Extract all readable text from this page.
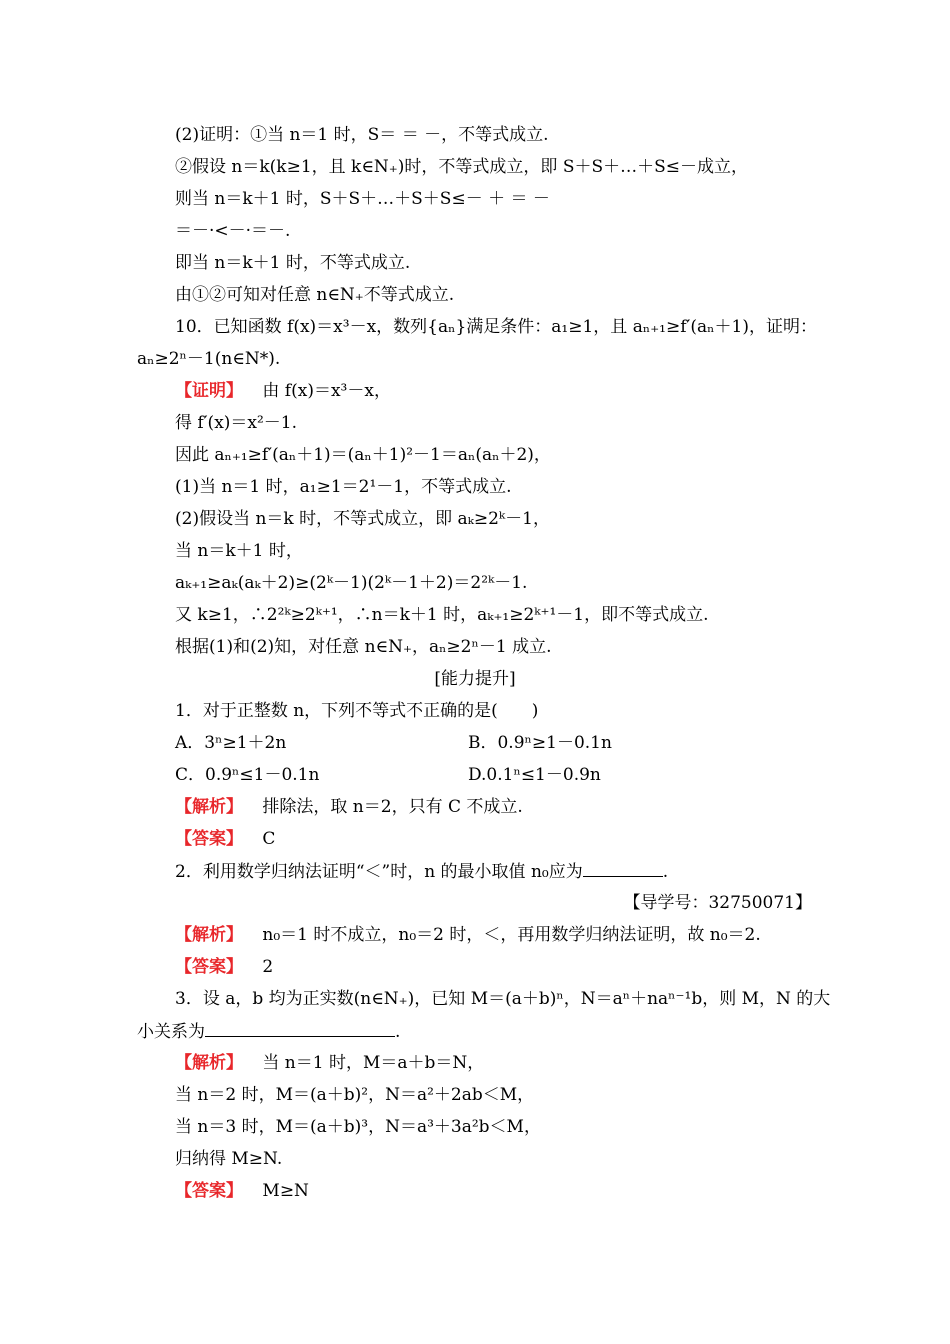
(2)证明：①当 n＝1 时，S＝ ＝ －，不等式成立.
②假设 n＝k(k≥1，且 k∈N₊)时，不等式成立，即 S＋S＋…＋S≤－成立，
则当 n＝k＋1 时，S＋S＋…＋S＋S≤－ ＋ ＝ －
＝－·<－·＝－.
即当 n＝k＋1 时，不等式成立.
由①②可知对任意 n∈N₊不等式成立.
10．已知函数 f(x)＝x³－x，数列{aₙ}满足条件：a₁≥1，且 aₙ₊₁≥f′(aₙ＋1)，证明：
aₙ≥2ⁿ－1(n∈N*).
【证明】 由 f(x)＝x³－x，
得 f′(x)＝x²－1.
因此 aₙ₊₁≥f′(aₙ＋1)＝(aₙ＋1)²－1＝aₙ(aₙ＋2)，
(1)当 n＝1 时，a₁≥1＝2¹－1，不等式成立.
(2)假设当 n＝k 时，不等式成立，即 aₖ≥2ᵏ－1，
当 n＝k＋1 时，
aₖ₊₁≥aₖ(aₖ＋2)≥(2ᵏ－1)(2ᵏ－1＋2)＝2²ᵏ－1.
又 k≥1，∴2²ᵏ≥2ᵏ⁺¹，∴n＝k＋1 时，aₖ₊₁≥2ᵏ⁺¹－1，即不等式成立.
根据(1)和(2)知，对任意 n∈N₊，aₙ≥2ⁿ－1 成立.
[能力提升]
1．对于正整数 n，下列不等式不正确的是(　　)
A．3ⁿ≥1＋2n	B．0.9ⁿ≥1－0.1n
C．0.9ⁿ≤1－0.1n	D.0.1ⁿ≤1－0.9n
【解析】 排除法，取 n＝2，只有 C 不成立.
【答案】 C
2．利用数学归纳法证明“＜”时，n 的最小取值 n₀应为	.
【导学号：32750071】
【解析】 n₀＝1 时不成立，n₀＝2 时，＜，再用数学归纳法证明，故 n₀＝2.
【答案】 2
3．设 a，b 均为正实数(n∈N₊)，已知 M＝(a＋b)ⁿ，N＝aⁿ＋naⁿ⁻¹b，则 M，N 的大
小关系为	.
【解析】 当 n＝1 时，M＝a＋b＝N，
当 n＝2 时，M＝(a＋b)²，N＝a²＋2ab＜M，
当 n＝3 时，M＝(a＋b)³，N＝a³＋3a²b＜M，
归纳得 M≥N.
【答案】 M≥N
